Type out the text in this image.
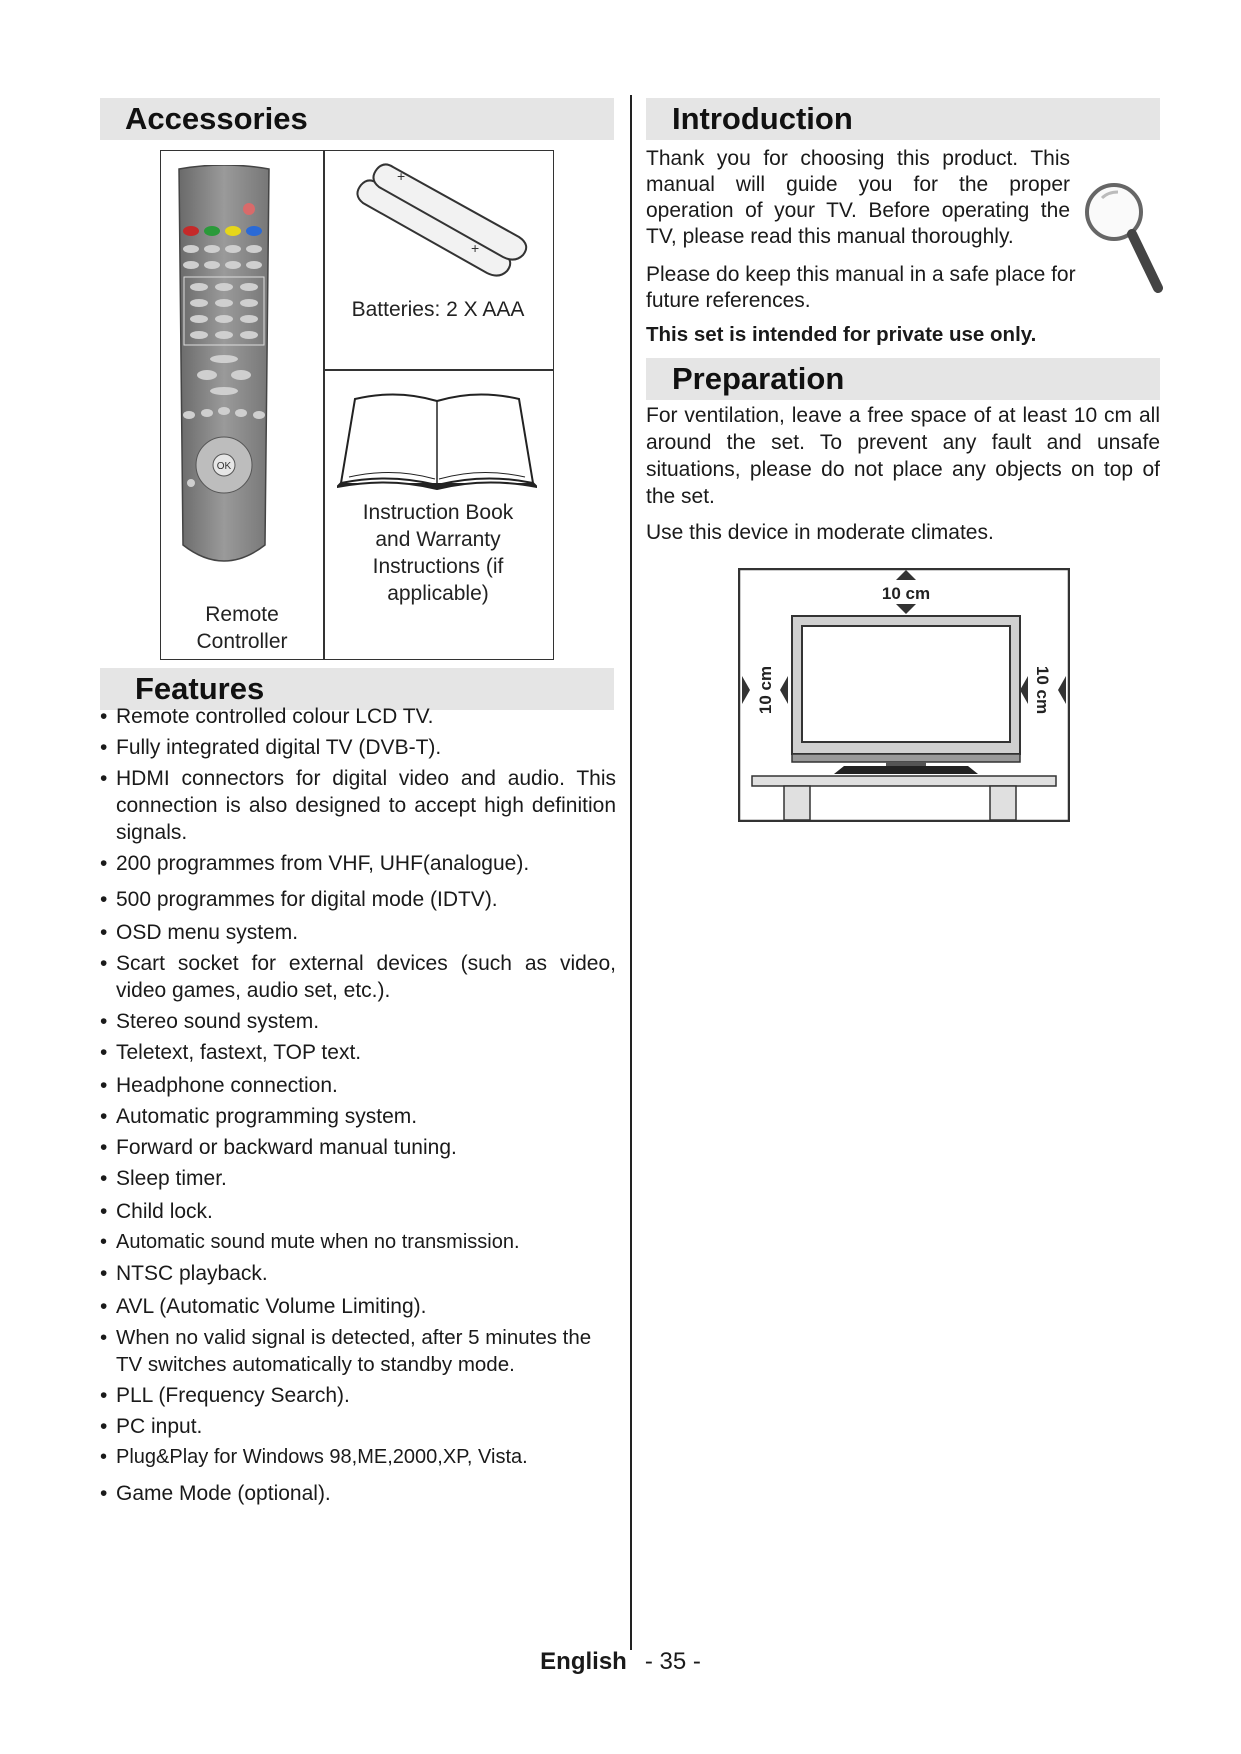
Accessories
OK
Remote
Controller
+
+
Batteries: 2 X AAA
Instruction Book
and Warranty
Instructions (if
applicable)
Features
• Remote controlled colour LCD TV.
• Fully integrated digital TV (DVB-T).
• HDMI connectors for digital video and audio. This connection is also designed to accept high definition signals.
• 200 programmes from VHF, UHF(analogue).
• 500 programmes for digital mode (IDTV).
• OSD menu system.
• Scart socket for external devices (such as video, video games, audio set, etc.).
• Stereo sound system.
• Teletext, fastext, TOP text.
• Headphone connection.
• Automatic programming system.
• Forward or backward manual tuning.
• Sleep timer.
• Child lock.
• Automatic sound mute when no transmission.
• NTSC playback.
• AVL (Automatic Volume Limiting).
• When no valid signal is detected, after 5 minutes the TV switches automatically to standby mode.
• PLL (Frequency Search).
• PC input.
• Plug&Play for Windows 98,ME,2000,XP, Vista.
• Game Mode (optional).
Introduction

Thank you for choosing this product. This manual will guide you for the proper operation of your TV. Before operating the TV, please read this manual thoroughly.

Please do keep this manual in a safe place for future references.

This set is intended for private use only.

Preparation

For ventilation, leave a free space of at least 10 cm all around the set. To prevent any fault and unsafe situations, please do not place any objects on top of the set.

Use this device in moderate climates.

10 cm
10 cm	10 cm
English - 35 -
